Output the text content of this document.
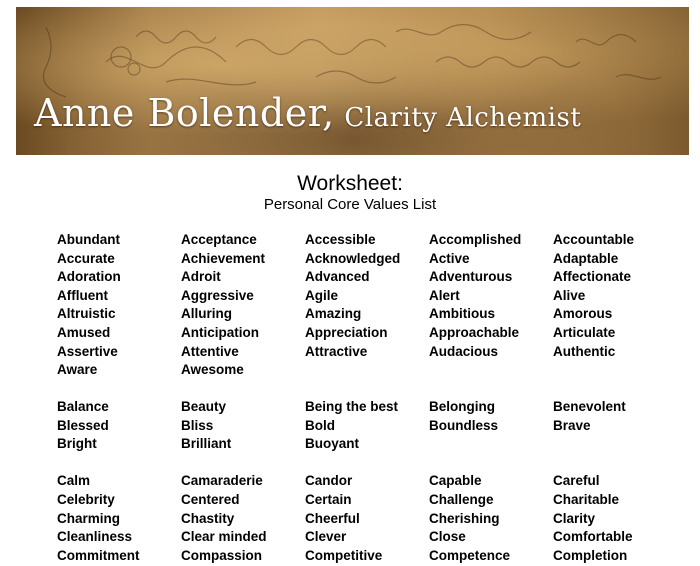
Anne Bolender, Clarity Alchemist
Worksheet:
Personal Core Values List
Abundant	Acceptance	Accessible	Accomplished	Accountable
Accurate	Achievement	Acknowledged	Active	Adaptable
Adoration	Adroit	Advanced	Adventurous	Affectionate
Affluent	Aggressive	Agile	Alert	Alive
Altruistic	Alluring	Amazing	Ambitious	Amorous
Amused	Anticipation	Appreciation	Approachable	Articulate
Assertive	Attentive	Attractive	Audacious	Authentic
Aware	Awesome
Balance	Beauty	Being the best	Belonging	Benevolent
Blessed	Bliss	Bold	Boundless	Brave
Bright	Brilliant	Buoyant
Calm	Camaraderie	Candor	Capable	Careful
Celebrity	Centered	Certain	Challenge	Charitable
Charming	Chastity	Cheerful	Cherishing	Clarity
Cleanliness	Clear minded	Clever	Close	Comfortable
Commitment	Compassion	Competitive	Competence	Completion
